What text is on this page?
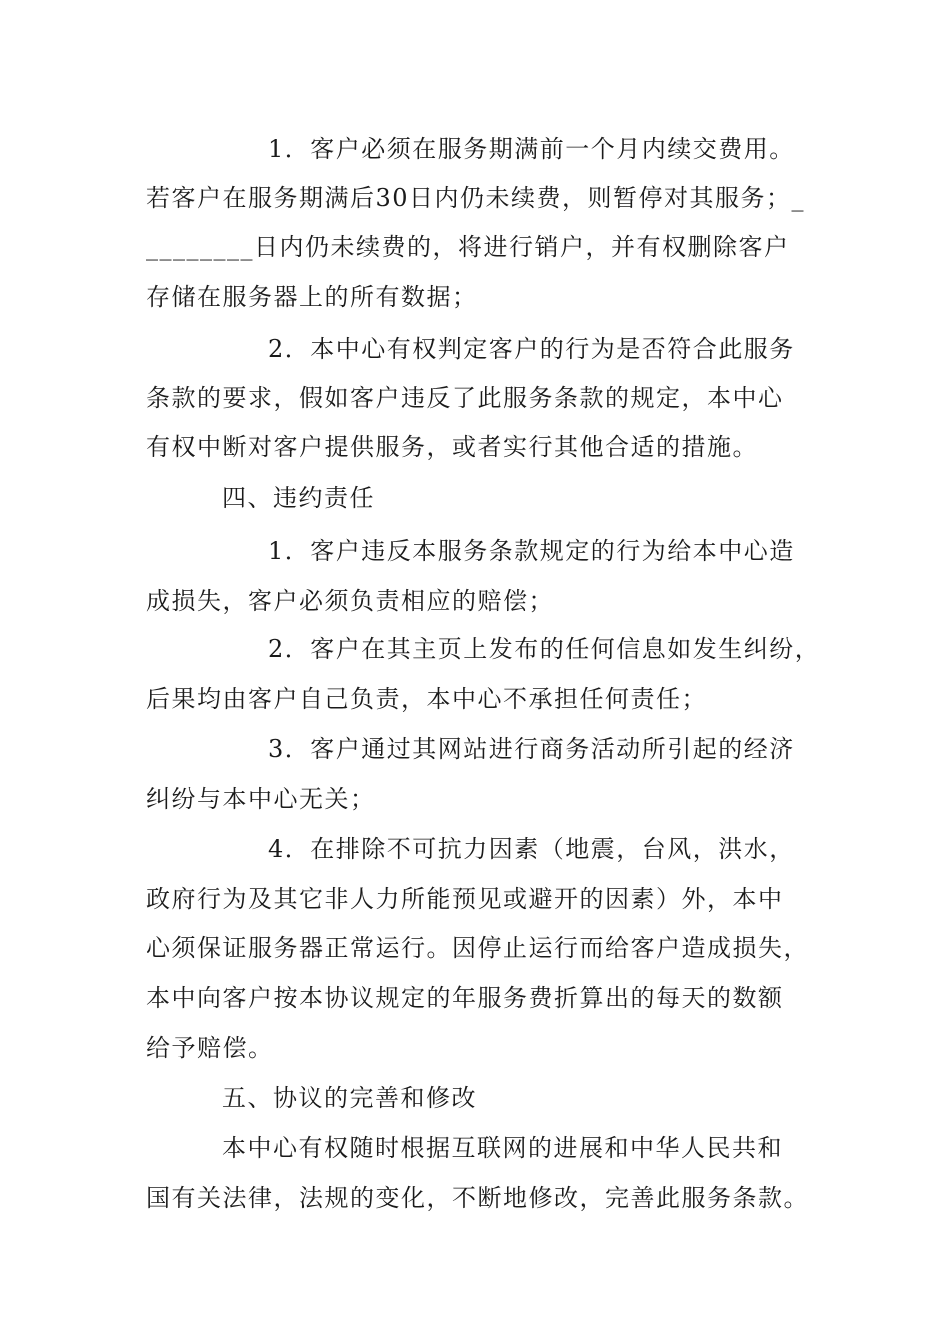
1．客户必须在服务期满前一个月内续交费用。
若客户在服务期满后30日内仍未续费，则暂停对其服务；_
________日内仍未续费的，将进行销户，并有权删除客户
存储在服务器上的所有数据；
2．本中心有权判定客户的行为是否符合此服务
条款的要求，假如客户违反了此服务条款的规定，本中心
有权中断对客户提供服务，或者实行其他合适的措施。
四、违约责任
1．客户违反本服务条款规定的行为给本中心造
成损失，客户必须负责相应的赔偿；
2．客户在其主页上发布的任何信息如发生纠纷，
后果均由客户自己负责，本中心不承担任何责任；
3．客户通过其网站进行商务活动所引起的经济
纠纷与本中心无关；
4．在排除不可抗力因素（地震，台风，洪水，
政府行为及其它非人力所能预见或避开的因素）外，本中
心须保证服务器正常运行。因停止运行而给客户造成损失，
本中向客户按本协议规定的年服务费折算出的每天的数额
给予赔偿。
五、协议的完善和修改
本中心有权随时根据互联网的进展和中华人民共和
国有关法律，法规的变化，不断地修改，完善此服务条款。
